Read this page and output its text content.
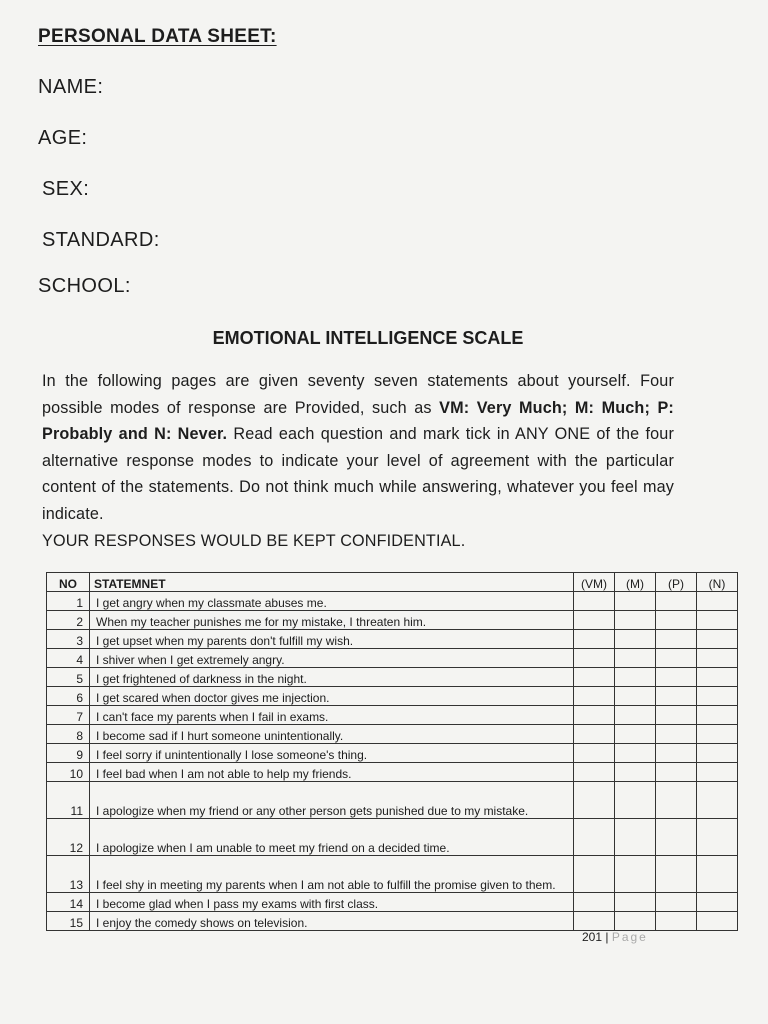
PERSONAL DATA SHEET:
NAME:
AGE:
SEX:
STANDARD:
SCHOOL:
EMOTIONAL INTELLIGENCE SCALE
In the following pages are given seventy seven statements about yourself. Four possible modes of response are Provided, such as VM: Very Much; M: Much; P: Probably and N: Never. Read each question and mark tick in ANY ONE of the four alternative response modes to indicate your level of agreement with the particular content of the statements. Do not think much while answering, whatever you feel may indicate.
YOUR RESPONSES WOULD BE KEPT CONFIDENTIAL.
NO	STATEMNET	(VM)	(M)	(P)	(N)
1	I get angry when my classmate abuses me.				
2	When my teacher punishes me for my mistake, I threaten him.				
3	I get upset when my parents don't fulfill my wish.				
4	I shiver when I get extremely angry.				
5	I get frightened of darkness in the night.				
6	I get scared when doctor gives me injection.				
7	I can't face my parents when I fail in exams.				
8	I become sad if I hurt someone unintentionally.				
9	I feel sorry if unintentionally I lose someone's thing.				
10	I feel bad when I am not able to help my friends.				
11	I apologize when my friend or any other person gets punished due to my mistake.				
12	I apologize when I am unable to meet my friend on a decided time.				
13	I feel shy in meeting my parents when I am not able to fulfill the promise given to them.				
14	I become glad when I pass my exams with first class.				
15	I enjoy the comedy shows on television.				
201 | Page
